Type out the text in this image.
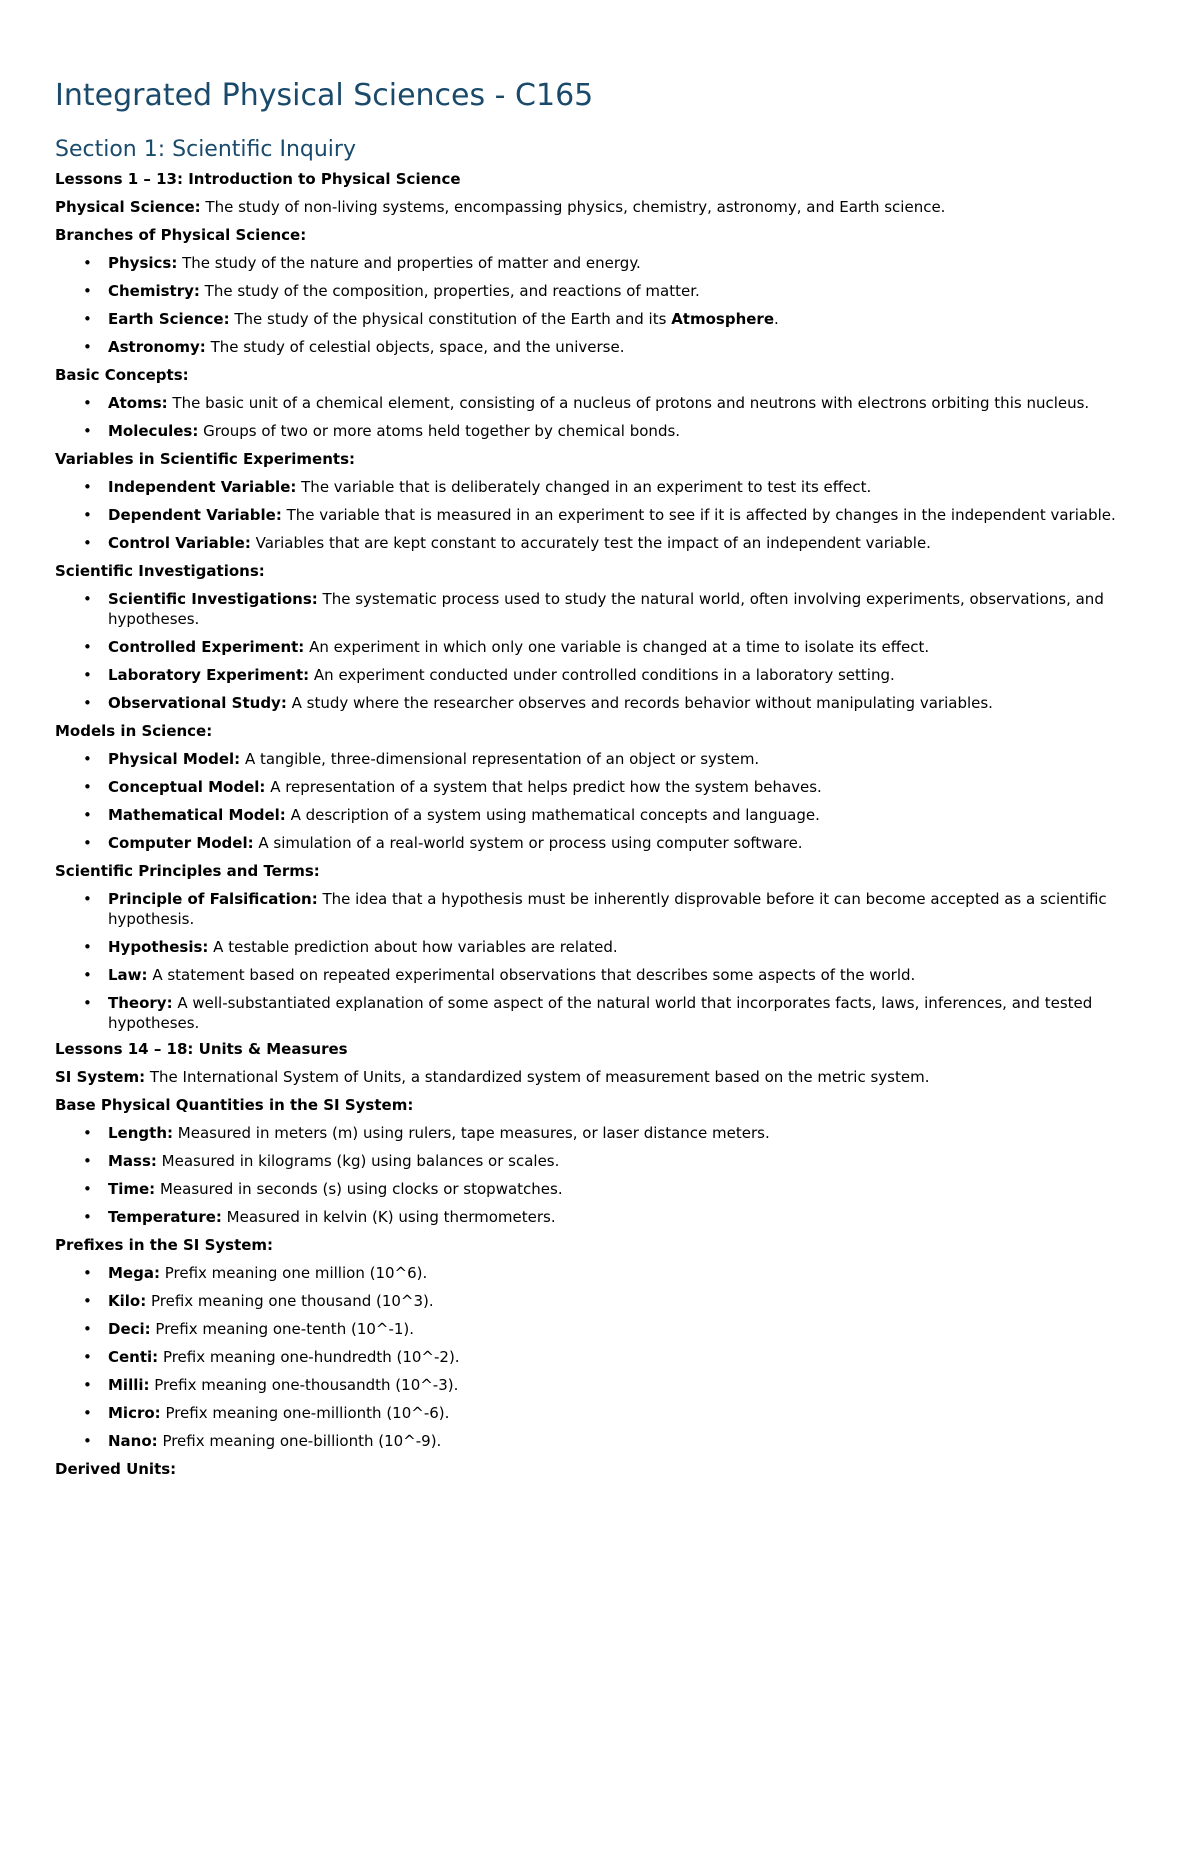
Integrated Physical Sciences - C165
Section 1: Scientific Inquiry
Lessons 1 – 13: Introduction to Physical Science
Physical Science: The study of non-living systems, encompassing physics, chemistry, astronomy, and Earth science.
Branches of Physical Science:
• Physics: The study of the nature and properties of matter and energy.
• Chemistry: The study of the composition, properties, and reactions of matter.
• Earth Science: The study of the physical constitution of the Earth and its Atmosphere.
• Astronomy: The study of celestial objects, space, and the universe.
Basic Concepts:
• Atoms: The basic unit of a chemical element, consisting of a nucleus of protons and neutrons with electrons orbiting this nucleus.
• Molecules: Groups of two or more atoms held together by chemical bonds.
Variables in Scientific Experiments:
• Independent Variable: The variable that is deliberately changed in an experiment to test its effect.
• Dependent Variable: The variable that is measured in an experiment to see if it is affected by changes in the independent variable.
• Control Variable: Variables that are kept constant to accurately test the impact of an independent variable.
Scientific Investigations:
• Scientific Investigations: The systematic process used to study the natural world, often involving experiments, observations, and hypotheses.
• Controlled Experiment: An experiment in which only one variable is changed at a time to isolate its effect.
• Laboratory Experiment: An experiment conducted under controlled conditions in a laboratory setting.
• Observational Study: A study where the researcher observes and records behavior without manipulating variables.
Models in Science:
• Physical Model: A tangible, three-dimensional representation of an object or system.
• Conceptual Model: A representation of a system that helps predict how the system behaves.
• Mathematical Model: A description of a system using mathematical concepts and language.
• Computer Model: A simulation of a real-world system or process using computer software.
Scientific Principles and Terms:
• Principle of Falsification: The idea that a hypothesis must be inherently disprovable before it can become accepted as a scientific hypothesis.
• Hypothesis: A testable prediction about how variables are related.
• Law: A statement based on repeated experimental observations that describes some aspects of the world.
• Theory: A well-substantiated explanation of some aspect of the natural world that incorporates facts, laws, inferences, and tested hypotheses.
Lessons 14 – 18: Units & Measures
SI System: The International System of Units, a standardized system of measurement based on the metric system.
Base Physical Quantities in the SI System:
• Length: Measured in meters (m) using rulers, tape measures, or laser distance meters.
• Mass: Measured in kilograms (kg) using balances or scales.
• Time: Measured in seconds (s) using clocks or stopwatches.
• Temperature: Measured in kelvin (K) using thermometers.
Prefixes in the SI System:
• Mega: Prefix meaning one million (10^6).
• Kilo: Prefix meaning one thousand (10^3).
• Deci: Prefix meaning one-tenth (10^-1).
• Centi: Prefix meaning one-hundredth (10^-2).
• Milli: Prefix meaning one-thousandth (10^-3).
• Micro: Prefix meaning one-millionth (10^-6).
• Nano: Prefix meaning one-billionth (10^-9).
Derived Units:
